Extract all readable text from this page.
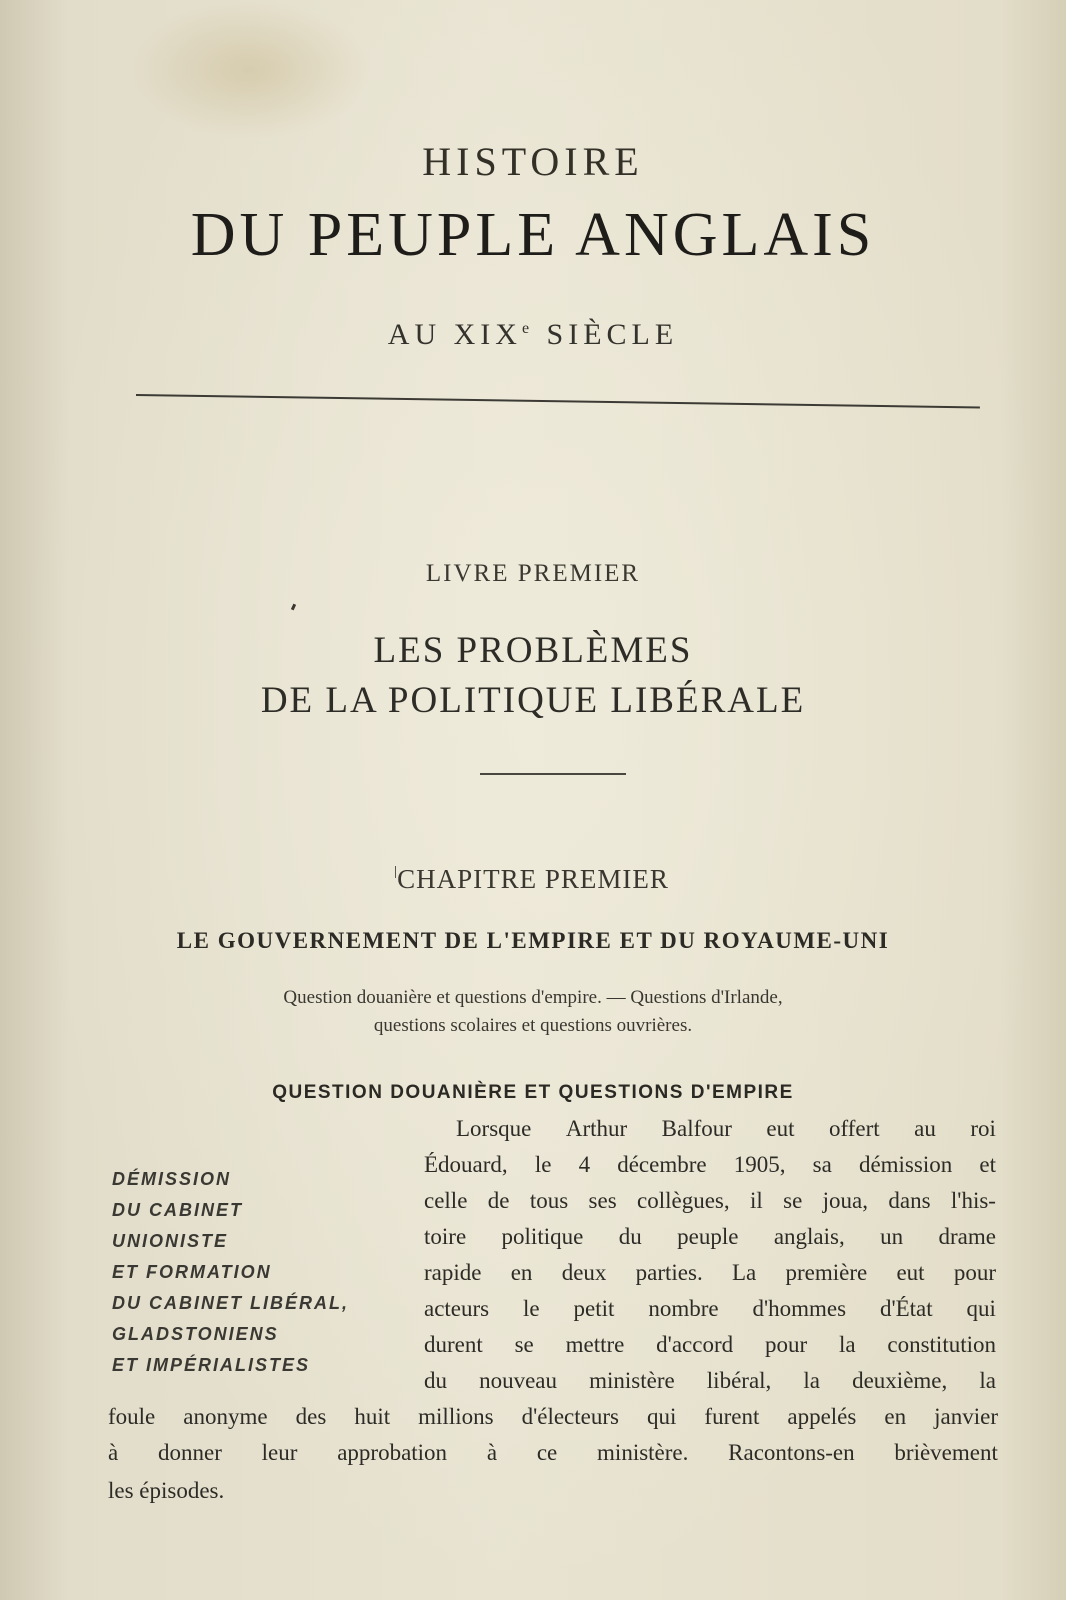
HISTOIRE
DU PEUPLE ANGLAIS
AU XIXe SIÈCLE
LIVRE PREMIER
LES PROBLÈMES
DE LA POLITIQUE LIBÉRALE
CHAPITRE PREMIER
LE GOUVERNEMENT DE L'EMPIRE ET DU ROYAUME-UNI
Question douanière et questions d'empire. — Questions d'Irlande,
questions scolaires et questions ouvrières.
QUESTION DOUANIÈRE ET QUESTIONS D'EMPIRE
DÉMISSION
DU CABINET
UNIONISTE
ET FORMATION
DU CABINET LIBÉRAL,
GLADSTONIENS
ET IMPÉRIALISTES
Lorsque Arthur Balfour eut offert au roi
Édouard, le 4 décembre 1905, sa démission et
celle de tous ses collègues, il se joua, dans l'his-
toire politique du peuple anglais, un drame
rapide en deux parties. La première eut pour
acteurs le petit nombre d'hommes d'État qui
durent se mettre d'accord pour la constitution
du nouveau ministère libéral, la deuxième, la
foule anonyme des huit millions d'électeurs qui furent appelés en janvier
à donner leur approbation à ce ministère. Racontons-en brièvement
les épisodes.
